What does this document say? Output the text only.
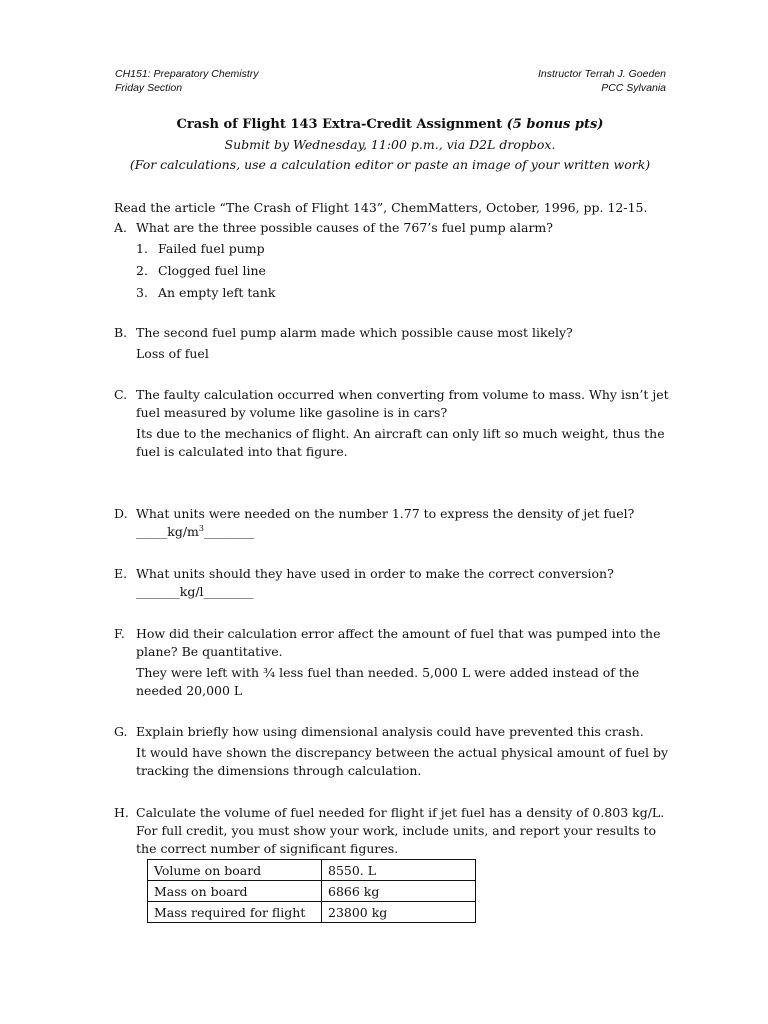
CH151: Preparatory Chemistry
Friday Section
Instructor Terrah J. Goeden
PCC Sylvania
Crash of Flight 143 Extra-Credit Assignment (5 bonus pts)
Submit by Wednesday, 11:00 p.m., via D2L dropbox.
(For calculations, use a calculation editor or paste an image of your written work)
Read the article “The Crash of Flight 143”, ChemMatters, October, 1996, pp. 12-15.
A. What are the three possible causes of the 767’s fuel pump alarm?
1. Failed fuel pump
2. Clogged fuel line
3. An empty left tank
B. The second fuel pump alarm made which possible cause most likely?
Loss of fuel
C. The faulty calculation occurred when converting from volume to mass. Why isn’t jet fuel measured by volume like gasoline is in cars?
Its due to the mechanics of flight. An aircraft can only lift so much weight, thus the fuel is calculated into that figure.
D. What units were needed on the number 1.77 to express the density of jet fuel?
$\_\_\_\_\_kg/m^3\_\_\_\_\_\_\_\_$
E. What units should they have used in order to make the correct conversion?
_______kg/l________
F. How did their calculation error affect the amount of fuel that was pumped into the plane? Be quantitative.
They were left with ¾ less fuel than needed. 5,000 L were added instead of the needed 20,000 L
G. Explain briefly how using dimensional analysis could have prevented this crash.
It would have shown the discrepancy between the actual physical amount of fuel by tracking the dimensions through calculation.
H. Calculate the volume of fuel needed for flight if jet fuel has a density of 0.803 kg/L. For full credit, you must show your work, include units, and report your results to the correct number of significant figures.
Volume on board	8550. L
Mass on board	6866 kg
Mass required for flight	23800 kg
